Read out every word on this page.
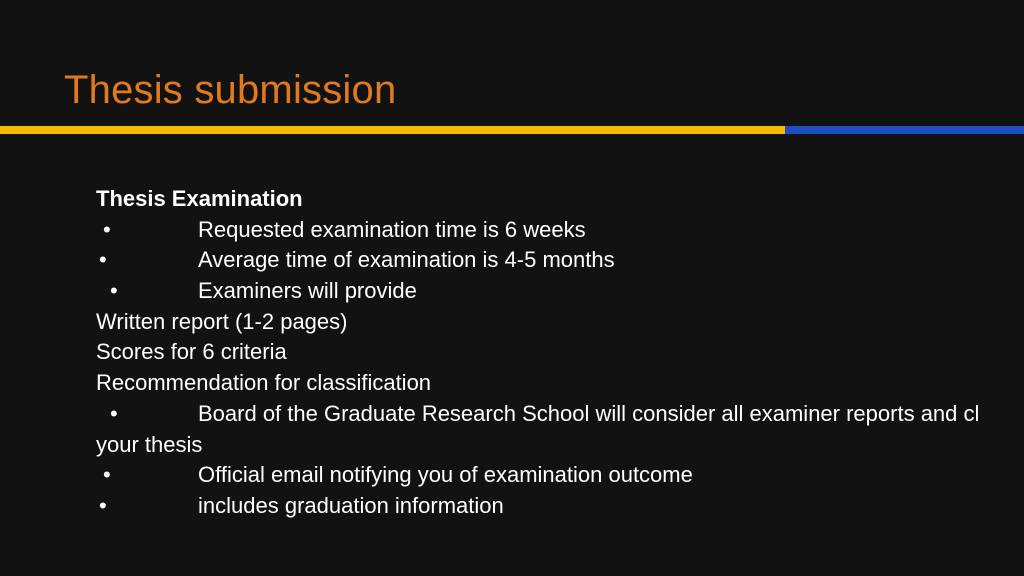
Thesis submission
Thesis Examination
•	Requested examination time is 6 weeks
•	Average time of examination is 4-5 months
•	Examiners will provide
Written report (1-2 pages)
Scores for 6 criteria
Recommendation for classification
•	Board of the Graduate Research School will consider all examiner reports and cl
your thesis
•	Official email notifying you of examination outcome
•	includes graduation information
